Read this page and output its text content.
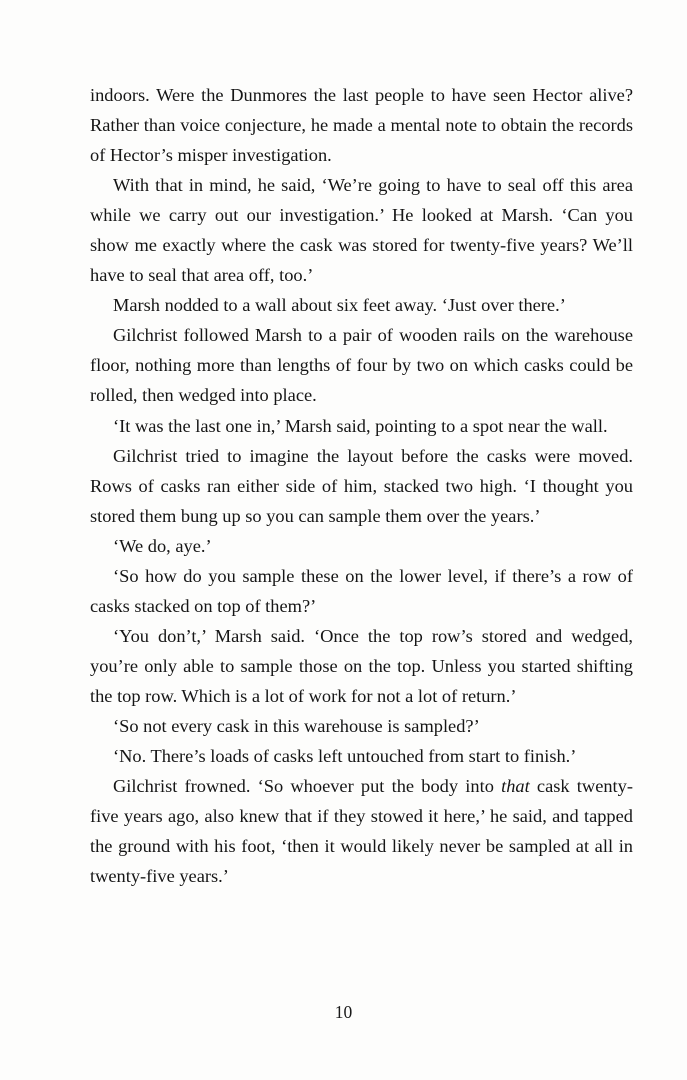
indoors. Were the Dunmores the last people to have seen Hector alive? Rather than voice conjecture, he made a mental note to obtain the records of Hector’s misper investigation.

With that in mind, he said, ‘We’re going to have to seal off this area while we carry out our investigation.’ He looked at Marsh. ‘Can you show me exactly where the cask was stored for twenty-five years? We’ll have to seal that area off, too.’

Marsh nodded to a wall about six feet away. ‘Just over there.’

Gilchrist followed Marsh to a pair of wooden rails on the warehouse floor, nothing more than lengths of four by two on which casks could be rolled, then wedged into place.

‘It was the last one in,’ Marsh said, pointing to a spot near the wall.

Gilchrist tried to imagine the layout before the casks were moved. Rows of casks ran either side of him, stacked two high. ‘I thought you stored them bung up so you can sample them over the years.’

‘We do, aye.’

‘So how do you sample these on the lower level, if there’s a row of casks stacked on top of them?’

‘You don’t,’ Marsh said. ‘Once the top row’s stored and wedged, you’re only able to sample those on the top. Unless you started shifting the top row. Which is a lot of work for not a lot of return.’

‘So not every cask in this warehouse is sampled?’

‘No. There’s loads of casks left untouched from start to finish.’

Gilchrist frowned. ‘So whoever put the body into that cask twenty-five years ago, also knew that if they stowed it here,’ he said, and tapped the ground with his foot, ‘then it would likely never be sampled at all in twenty-five years.’

10
